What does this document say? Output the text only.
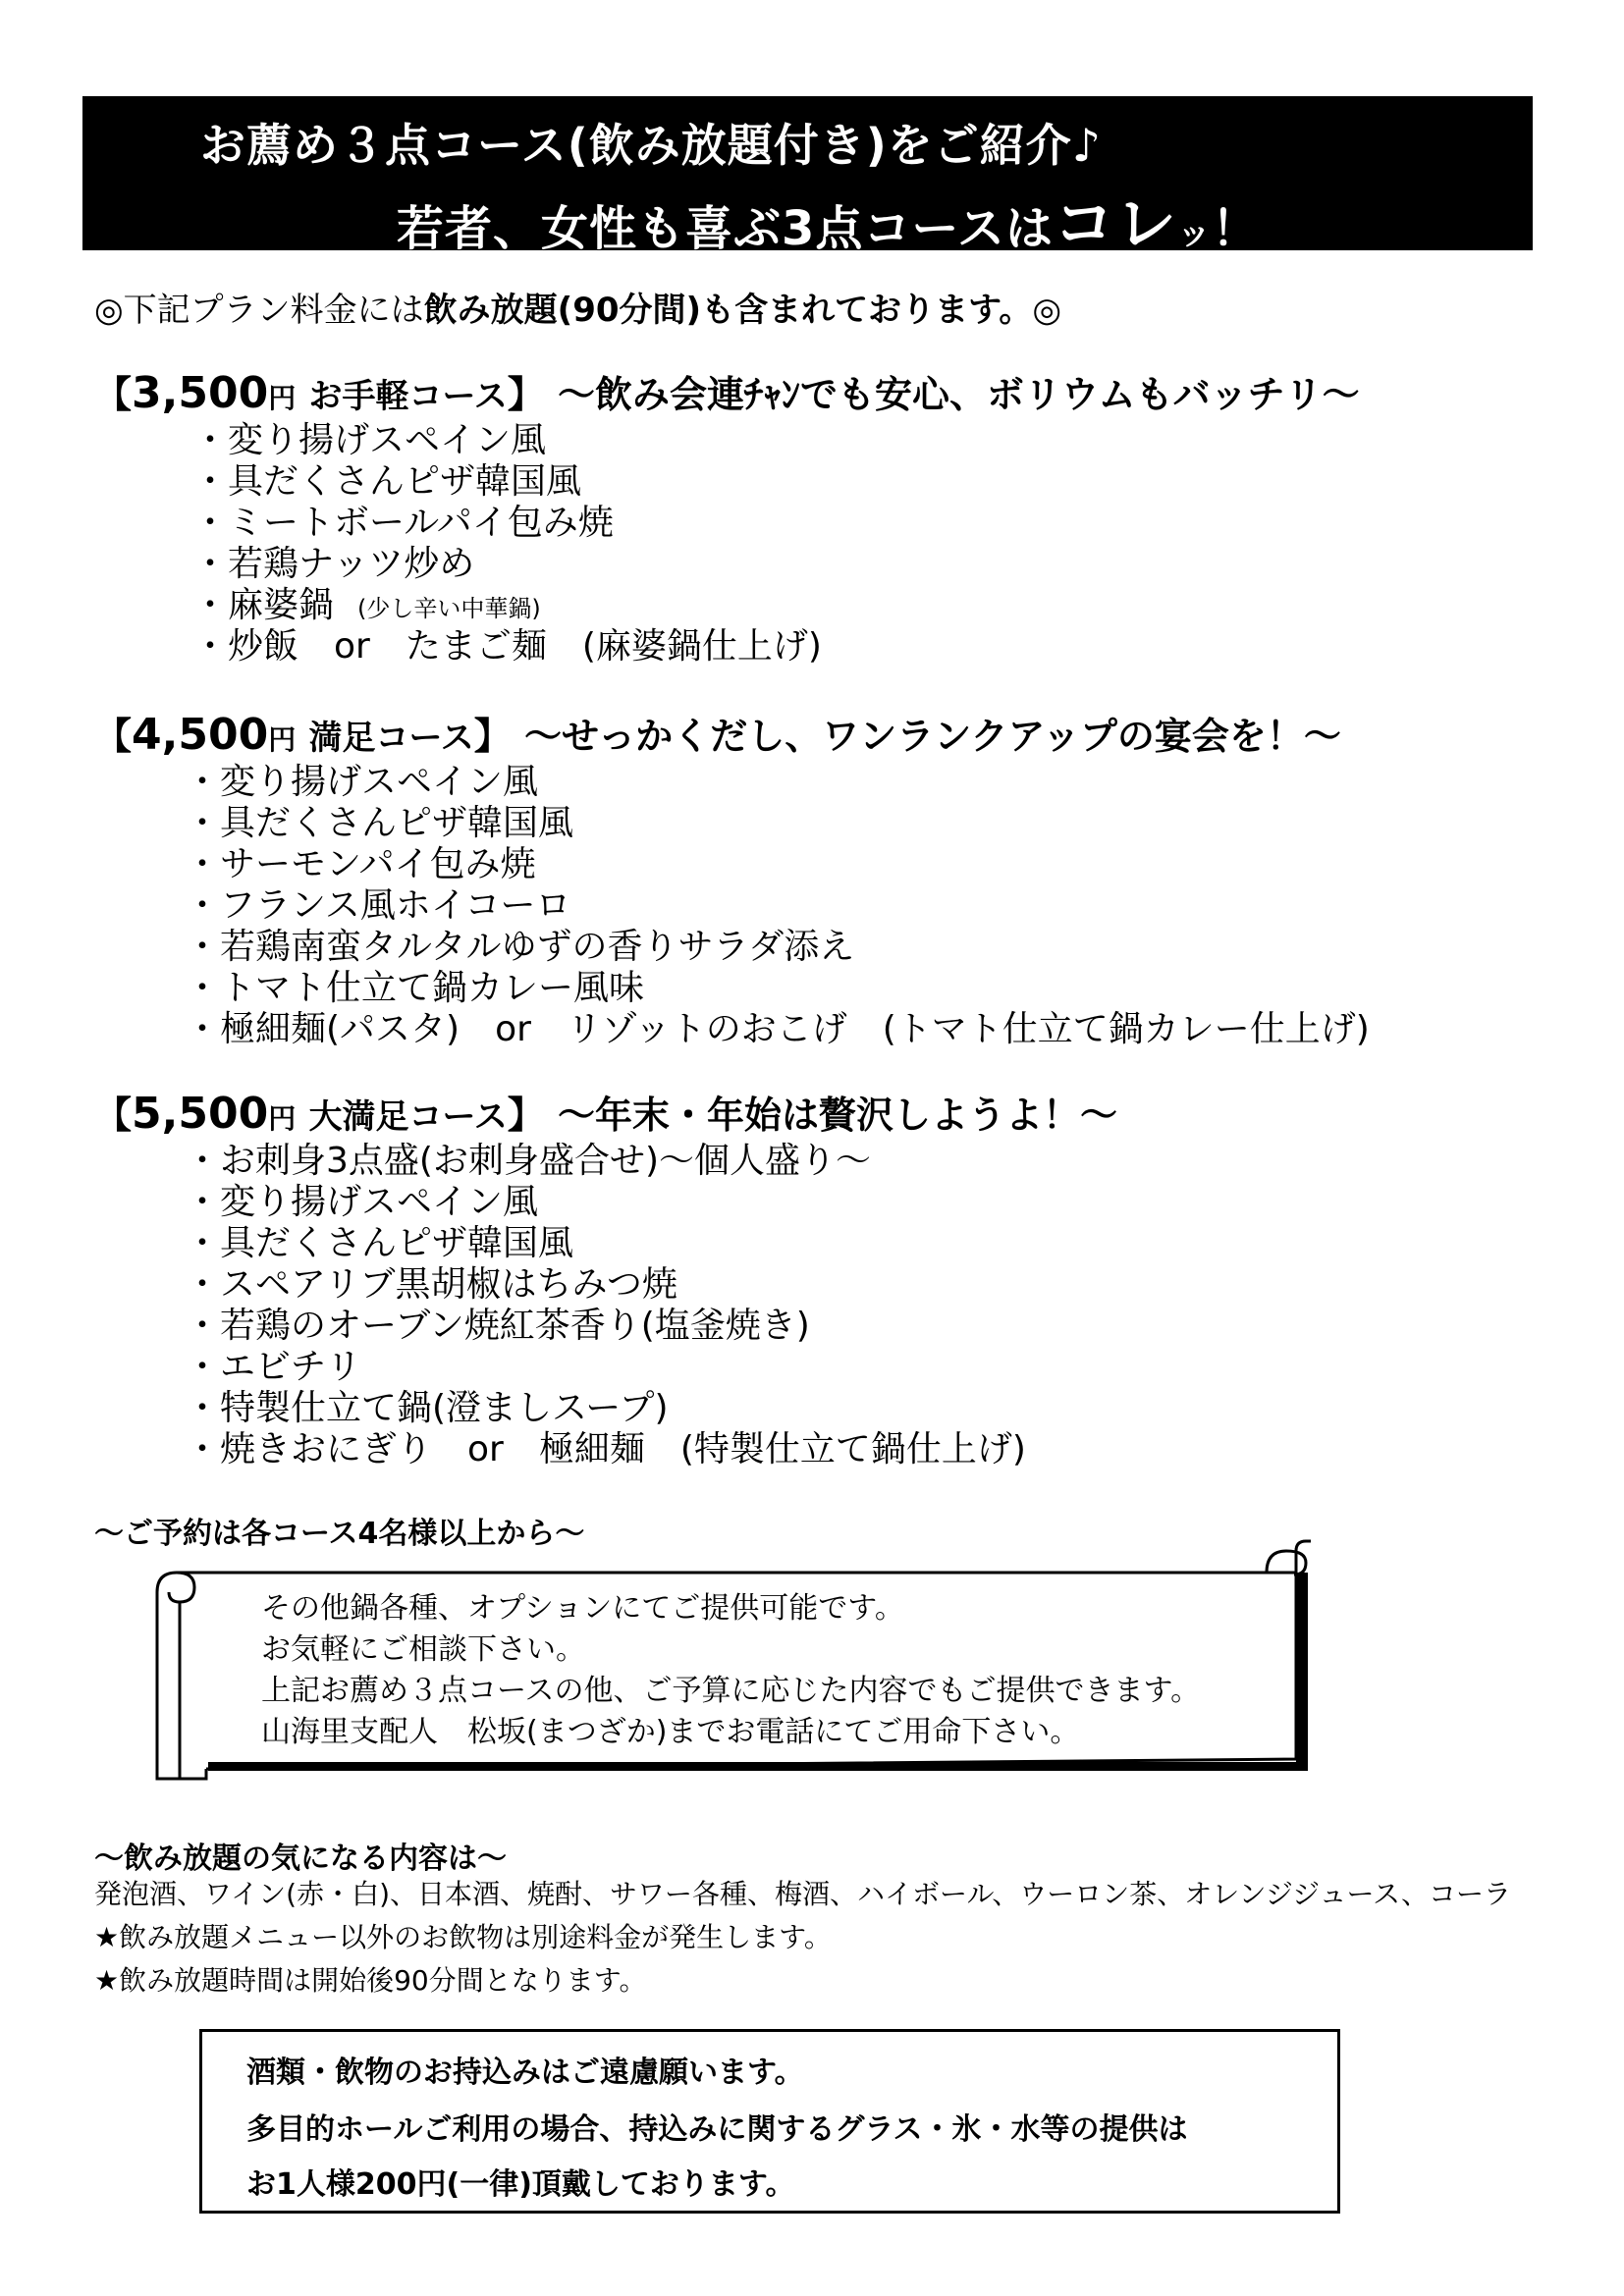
お薦め３点コース(飲み放題付き)をご紹介♪
若者、女性も喜ぶ3点コースはコレッ！
◎下記プラン料金には飲み放題(90分間)も含まれております。◎
【3,500円 お手軽コース】 ～飲み会連ﾁｬﾝでも安心、ボリウムもバッチリ～
・変り揚げスペイン風
・具だくさんピザ韓国風
・ミートボールパイ包み焼
・若鶏ナッツ炒め
・麻婆鍋　(少し辛い中華鍋)
・炒飯　or　たまご麺　(麻婆鍋仕上げ)
【4,500円 満足コース】 ～せっかくだし、ワンランクアップの宴会を！～
・変り揚げスペイン風
・具だくさんピザ韓国風
・サーモンパイ包み焼
・フランス風ホイコーロ
・若鶏南蛮タルタルゆずの香りサラダ添え
・トマト仕立て鍋カレー風味
・極細麺(パスタ)　or　リゾットのおこげ　(トマト仕立て鍋カレー仕上げ)
【5,500円 大満足コース】 ～年末・年始は贅沢しようよ！～
・お刺身3点盛(お刺身盛合せ)～個人盛り～
・変り揚げスペイン風
・具だくさんピザ韓国風
・スペアリブ黒胡椒はちみつ焼
・若鶏のオーブン焼紅茶香り(塩釜焼き)
・エビチリ
・特製仕立て鍋(澄ましスープ)
・焼きおにぎり　or　極細麺　(特製仕立て鍋仕上げ)
～ご予約は各コース4名様以上から～
その他鍋各種、オプションにてご提供可能です。
お気軽にご相談下さい。
上記お薦め３点コースの他、ご予算に応じた内容でもご提供できます。
山海里支配人　松坂(まつざか)までお電話にてご用命下さい。
～飲み放題の気になる内容は～
発泡酒、ワイン(赤・白)、日本酒、焼酎、サワー各種、梅酒、ハイボール、ウーロン茶、オレンジジュース、コーラ
★飲み放題メニュー以外のお飲物は別途料金が発生します。
★飲み放題時間は開始後90分間となります。
酒類・飲物のお持込みはご遠慮願います。
多目的ホールご利用の場合、持込みに関するグラス・氷・水等の提供は
お1人様200円(一律)頂戴しております。
